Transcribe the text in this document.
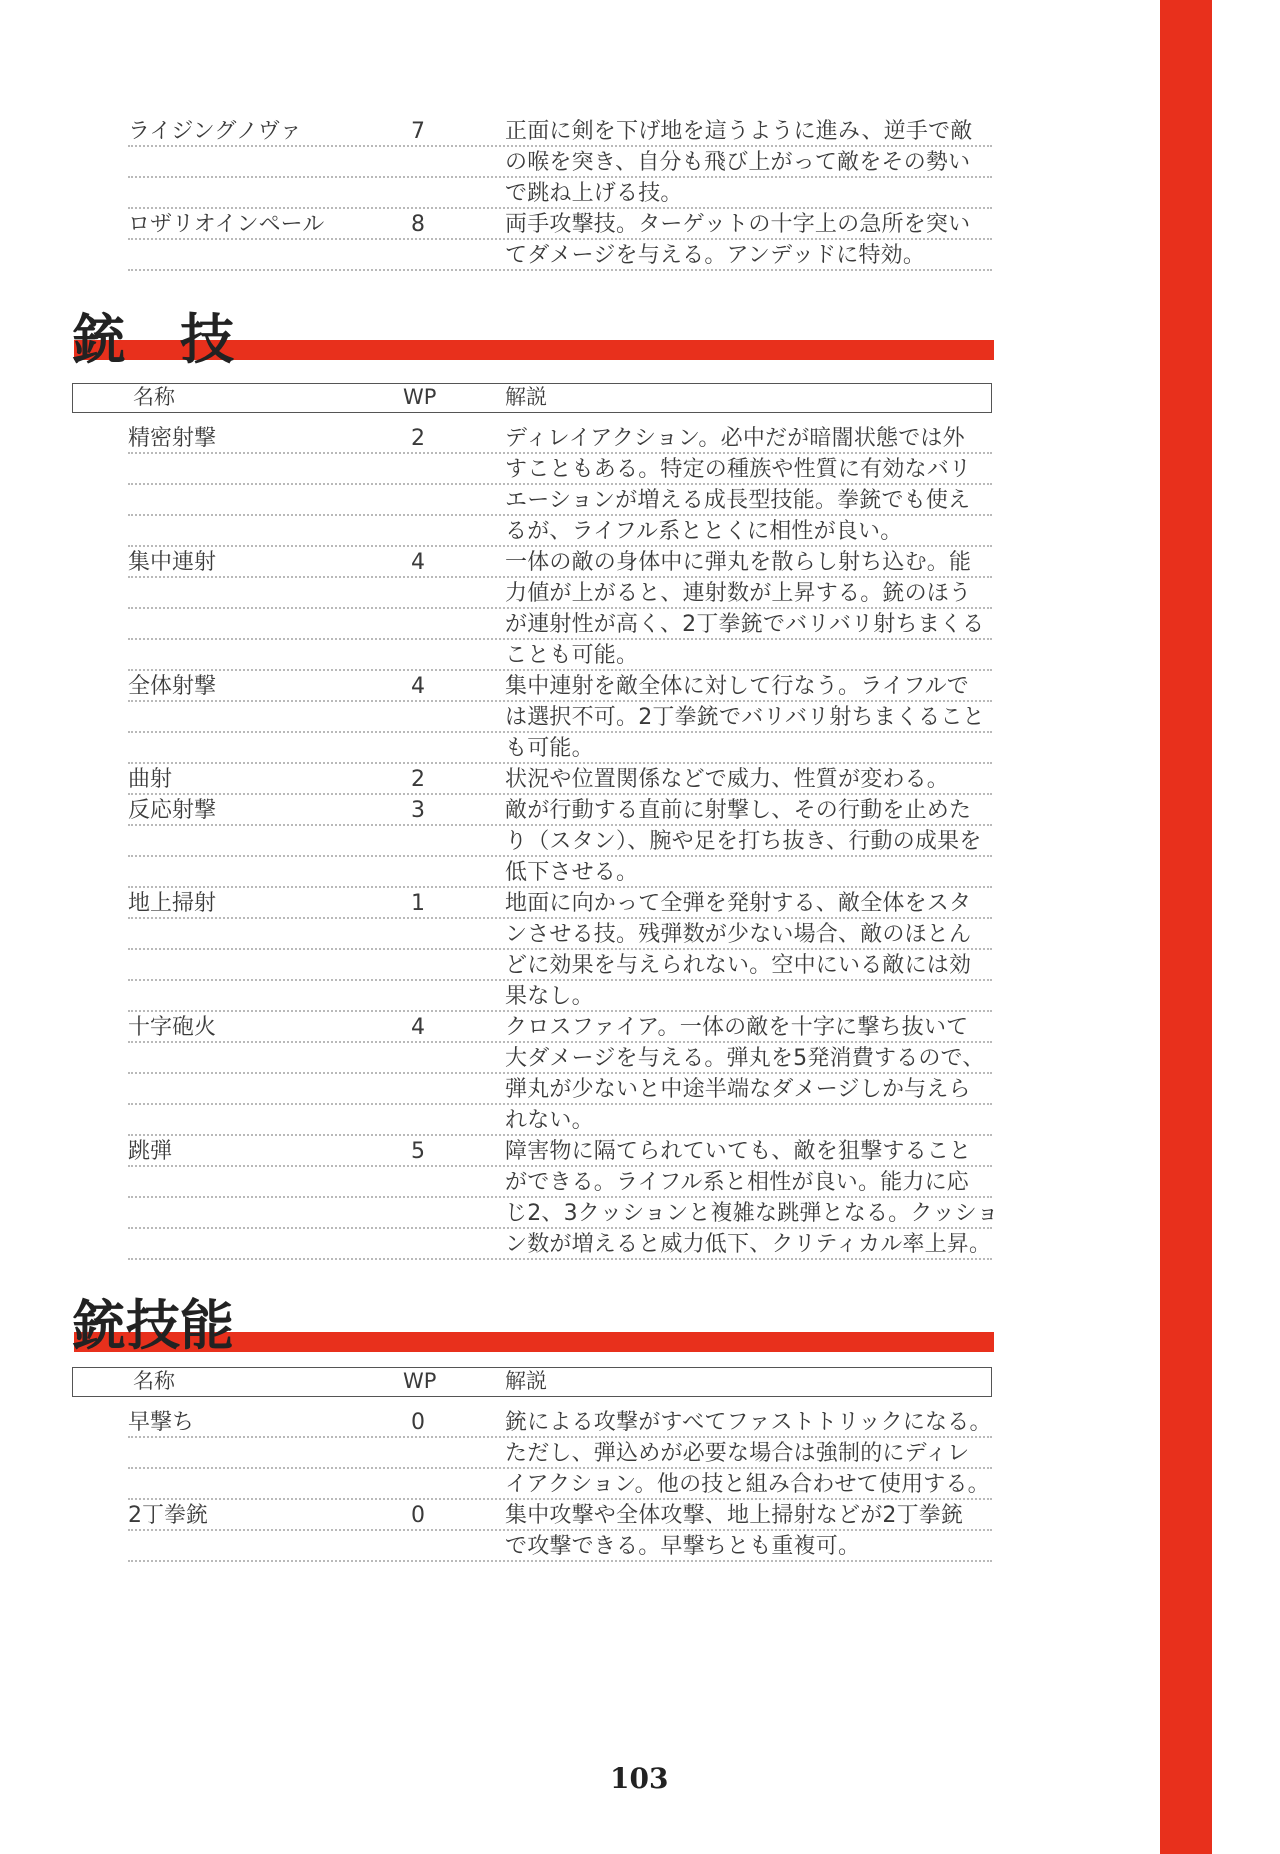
ライジングノヴァ	7	正面に剣を下げ地を這うように進み、逆手で敵
の喉を突き、自分も飛び上がって敵をその勢い
で跳ね上げる技。
ロザリオインペール	8	両手攻撃技。ターゲットの十字上の急所を突い
てダメージを与える。アンデッドに特効。
銃　技
名称	WP	解説
精密射撃	2	ディレイアクション。必中だが暗闇状態では外
すこともある。特定の種族や性質に有効なバリ
エーションが増える成長型技能。拳銃でも使え
るが、ライフル系ととくに相性が良い。
集中連射	4	一体の敵の身体中に弾丸を散らし射ち込む。能
力値が上がると、連射数が上昇する。銃のほう
が連射性が高く、2丁拳銃でバリバリ射ちまくる
ことも可能。
全体射撃	4	集中連射を敵全体に対して行なう。ライフルで
は選択不可。2丁拳銃でバリバリ射ちまくること
も可能。
曲射	2	状況や位置関係などで威力、性質が変わる。
反応射撃	3	敵が行動する直前に射撃し、その行動を止めた
り（スタン）、腕や足を打ち抜き、行動の成果を
低下させる。
地上掃射	1	地面に向かって全弾を発射する、敵全体をスタ
ンさせる技。残弾数が少ない場合、敵のほとん
どに効果を与えられない。空中にいる敵には効
果なし。
十字砲火	4	クロスファイア。一体の敵を十字に撃ち抜いて
大ダメージを与える。弾丸を5発消費するので、
弾丸が少ないと中途半端なダメージしか与えら
れない。
跳弾	5	障害物に隔てられていても、敵を狙撃すること
ができる。ライフル系と相性が良い。能力に応
じ2、3クッションと複雑な跳弾となる。クッショ
ン数が増えると威力低下、クリティカル率上昇。
銃技能
名称	WP	解説
早撃ち	0	銃による攻撃がすべてファストトリックになる。
ただし、弾込めが必要な場合は強制的にディレ
イアクション。他の技と組み合わせて使用する。
2丁拳銃	0	集中攻撃や全体攻撃、地上掃射などが2丁拳銃
で攻撃できる。早撃ちとも重複可。
103
